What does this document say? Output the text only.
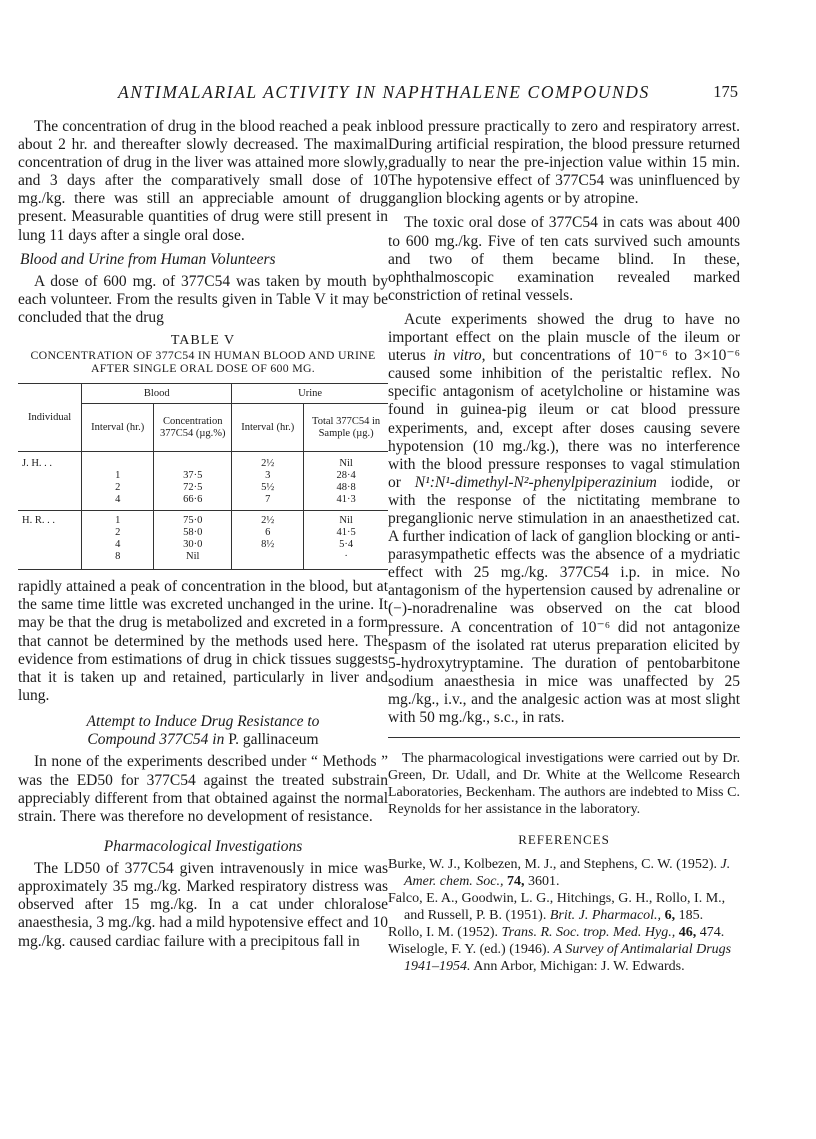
ANTIMALARIAL ACTIVITY IN NAPHTHALENE COMPOUNDS	175

The concentration of drug in the blood reached a peak in about 2 hr. and thereafter slowly decreased. The maximal concentration of drug in the liver was attained more slowly, and 3 days after the comparatively small dose of 10 mg./kg. there was still an appreciable amount of drug present. Measurable quantities of drug were still present in lung 11 days after a single oral dose.

Blood and Urine from Human Volunteers

A dose of 600 mg. of 377C54 was taken by mouth by each volunteer. From the results given in Table V it may be concluded that the drug

TABLE V
CONCENTRATION OF 377C54 IN HUMAN BLOOD AND URINE AFTER SINGLE ORAL DOSE OF 600 MG.
Individual	Blood		Urine	
	Interval (hr.)	Concentration 377C54 (µg.%)	Interval (hr.)	Total 377C54 in Sample (µg.)
J. H. . .			2½	Nil
	1	37·5	3	28·4
	2	72·5	5½	48·8
	4	66·6	7	41·3
H. R. . .	1	75·0	2½	Nil
	2	58·0	6	41·5
	4	30·0	8½	5·4
	8	Nil		·

rapidly attained a peak of concentration in the blood, but at the same time little was excreted unchanged in the urine. It may be that the drug is metabolized and excreted in a form that cannot be determined by the methods used here. The evidence from estimations of drug in chick tissues suggests that it is taken up and retained, particularly in liver and lung.

Attempt to Induce Drug Resistance to
Compound 377C54 in P. gallinaceum

In none of the experiments described under “ Methods ” was the ED50 for 377C54 against the treated substrain appreciably different from that obtained against the normal strain. There was therefore no development of resistance.

Pharmacological Investigations

The LD50 of 377C54 given intravenously in mice was approximately 35 mg./kg. Marked respiratory distress was observed after 15 mg./kg. In a cat under chloralose anaesthesia, 3 mg./kg. had a mild hypotensive effect and 10 mg./kg. caused cardiac failure with a precipitous fall in

blood pressure practically to zero and respiratory arrest. During artificial respiration, the blood pressure returned gradually to near the pre-injection value within 15 min. The hypotensive effect of 377C54 was uninfluenced by ganglion blocking agents or by atropine.

The toxic oral dose of 377C54 in cats was about 400 to 600 mg./kg. Five of ten cats survived such amounts and two of them became blind. In these, ophthalmoscopic examination revealed marked constriction of retinal vessels.

Acute experiments showed the drug to have no important effect on the plain muscle of the ileum or uterus in vitro, but concentrations of 10⁻⁶ to 3×10⁻⁶ caused some inhibition of the peristaltic reflex. No specific antagonism of acetylcholine or histamine was found in guinea-pig ileum or cat blood pressure experiments, and, except after doses causing severe hypotension (10 mg./kg.), there was no interference with the blood pressure responses to vagal stimulation or N¹:N¹-dimethyl-N²-phenylpiperazinium iodide, or with the response of the nictitating membrane to preganglionic nerve stimulation in an anaesthetized cat. A further indication of lack of ganglion blocking or anti-parasympathetic effects was the absence of a mydriatic effect with 25 mg./kg. 377C54 i.p. in mice. No antagonism of the hypertension caused by adrenaline or (−)-noradrenaline was observed on the cat blood pressure. A concentration of 10⁻⁶ did not antagonize spasm of the isolated rat uterus preparation elicited by 5-hydroxytryptamine. The duration of pentobarbitone sodium anaesthesia in mice was unaffected by 25 mg./kg., i.v., and the analgesic action was at most slight with 50 mg./kg., s.c., in rats.

The pharmacological investigations were carried out by Dr. Green, Dr. Udall, and Dr. White at the Wellcome Research Laboratories, Beckenham. The authors are indebted to Miss C. Reynolds for her assistance in the laboratory.

REFERENCES
Burke, W. J., Kolbezen, M. J., and Stephens, C. W. (1952). J. Amer. chem. Soc., 74, 3601.
Falco, E. A., Goodwin, L. G., Hitchings, G. H., Rollo, I. M., and Russell, P. B. (1951). Brit. J. Pharmacol., 6, 185.
Rollo, I. M. (1952). Trans. R. Soc. trop. Med. Hyg., 46, 474.
Wiselogle, F. Y. (ed.) (1946). A Survey of Antimalarial Drugs 1941–1954. Ann Arbor, Michigan: J. W. Edwards.
